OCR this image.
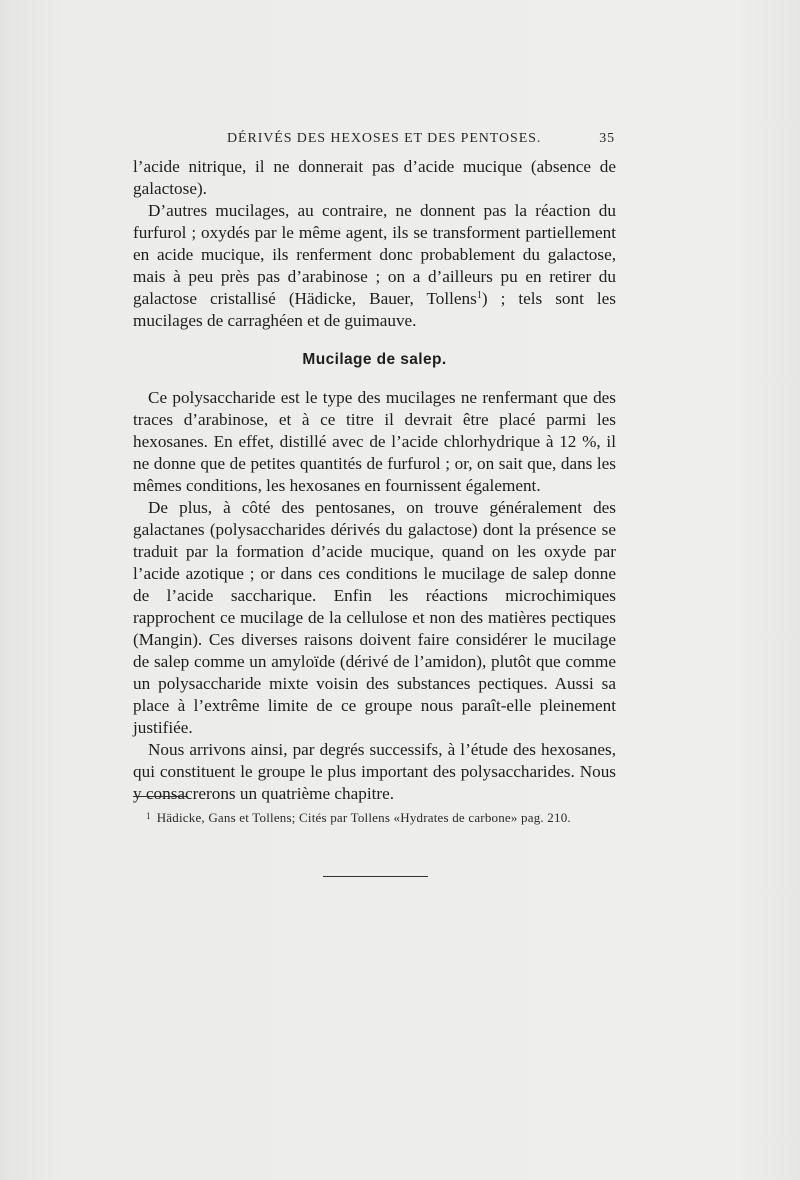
DÉRIVÉS DES HEXOSES ET DES PENTOSES.	35

l’acide nitrique, il ne donnerait pas d’acide mucique (absence de galactose).

D’autres mucilages, au contraire, ne donnent pas la réaction du furfurol ; oxydés par le même agent, ils se transforment partiellement en acide mucique, ils renferment donc probablement du galactose, mais à peu près pas d’arabinose ; on a d’ailleurs pu en retirer du galactose cristallisé (Hädicke, Bauer, Tollens$^1$) ; tels sont les mucilages de carraghéen et de guimauve.

Mucilage de salep.

Ce polysaccharide est le type des mucilages ne renfermant que des traces d’arabinose, et à ce titre il devrait être placé parmi les hexosanes. En effet, distillé avec de l’acide chlorhydrique à 12 %, il ne donne que de petites quantités de furfurol ; or, on sait que, dans les mêmes conditions, les hexosanes en fournissent également.

De plus, à côté des pentosanes, on trouve généralement des galactanes (polysaccharides dérivés du galactose) dont la présence se traduit par la formation d’acide mucique, quand on les oxyde par l’acide azotique ; or dans ces conditions le mucilage de salep donne de l’acide saccharique. Enfin les réactions microchimiques rapprochent ce mucilage de la cellulose et non des matières pectiques (Mangin). Ces diverses raisons doivent faire considérer le mucilage de salep comme un amyloïde (dérivé de l’amidon), plutôt que comme un polysaccharide mixte voisin des substances pectiques. Aussi sa place à l’extrême limite de ce groupe nous paraît-elle pleinement justifiée.

Nous arrivons ainsi, par degrés successifs, à l’étude des hexosanes, qui constituent le groupe le plus important des polysaccharides. Nous y consacrerons un quatrième chapitre.

$^1$ Hädicke, Gans et Tollens; Cités par Tollens «Hydrates de carbone» pag. 210.
